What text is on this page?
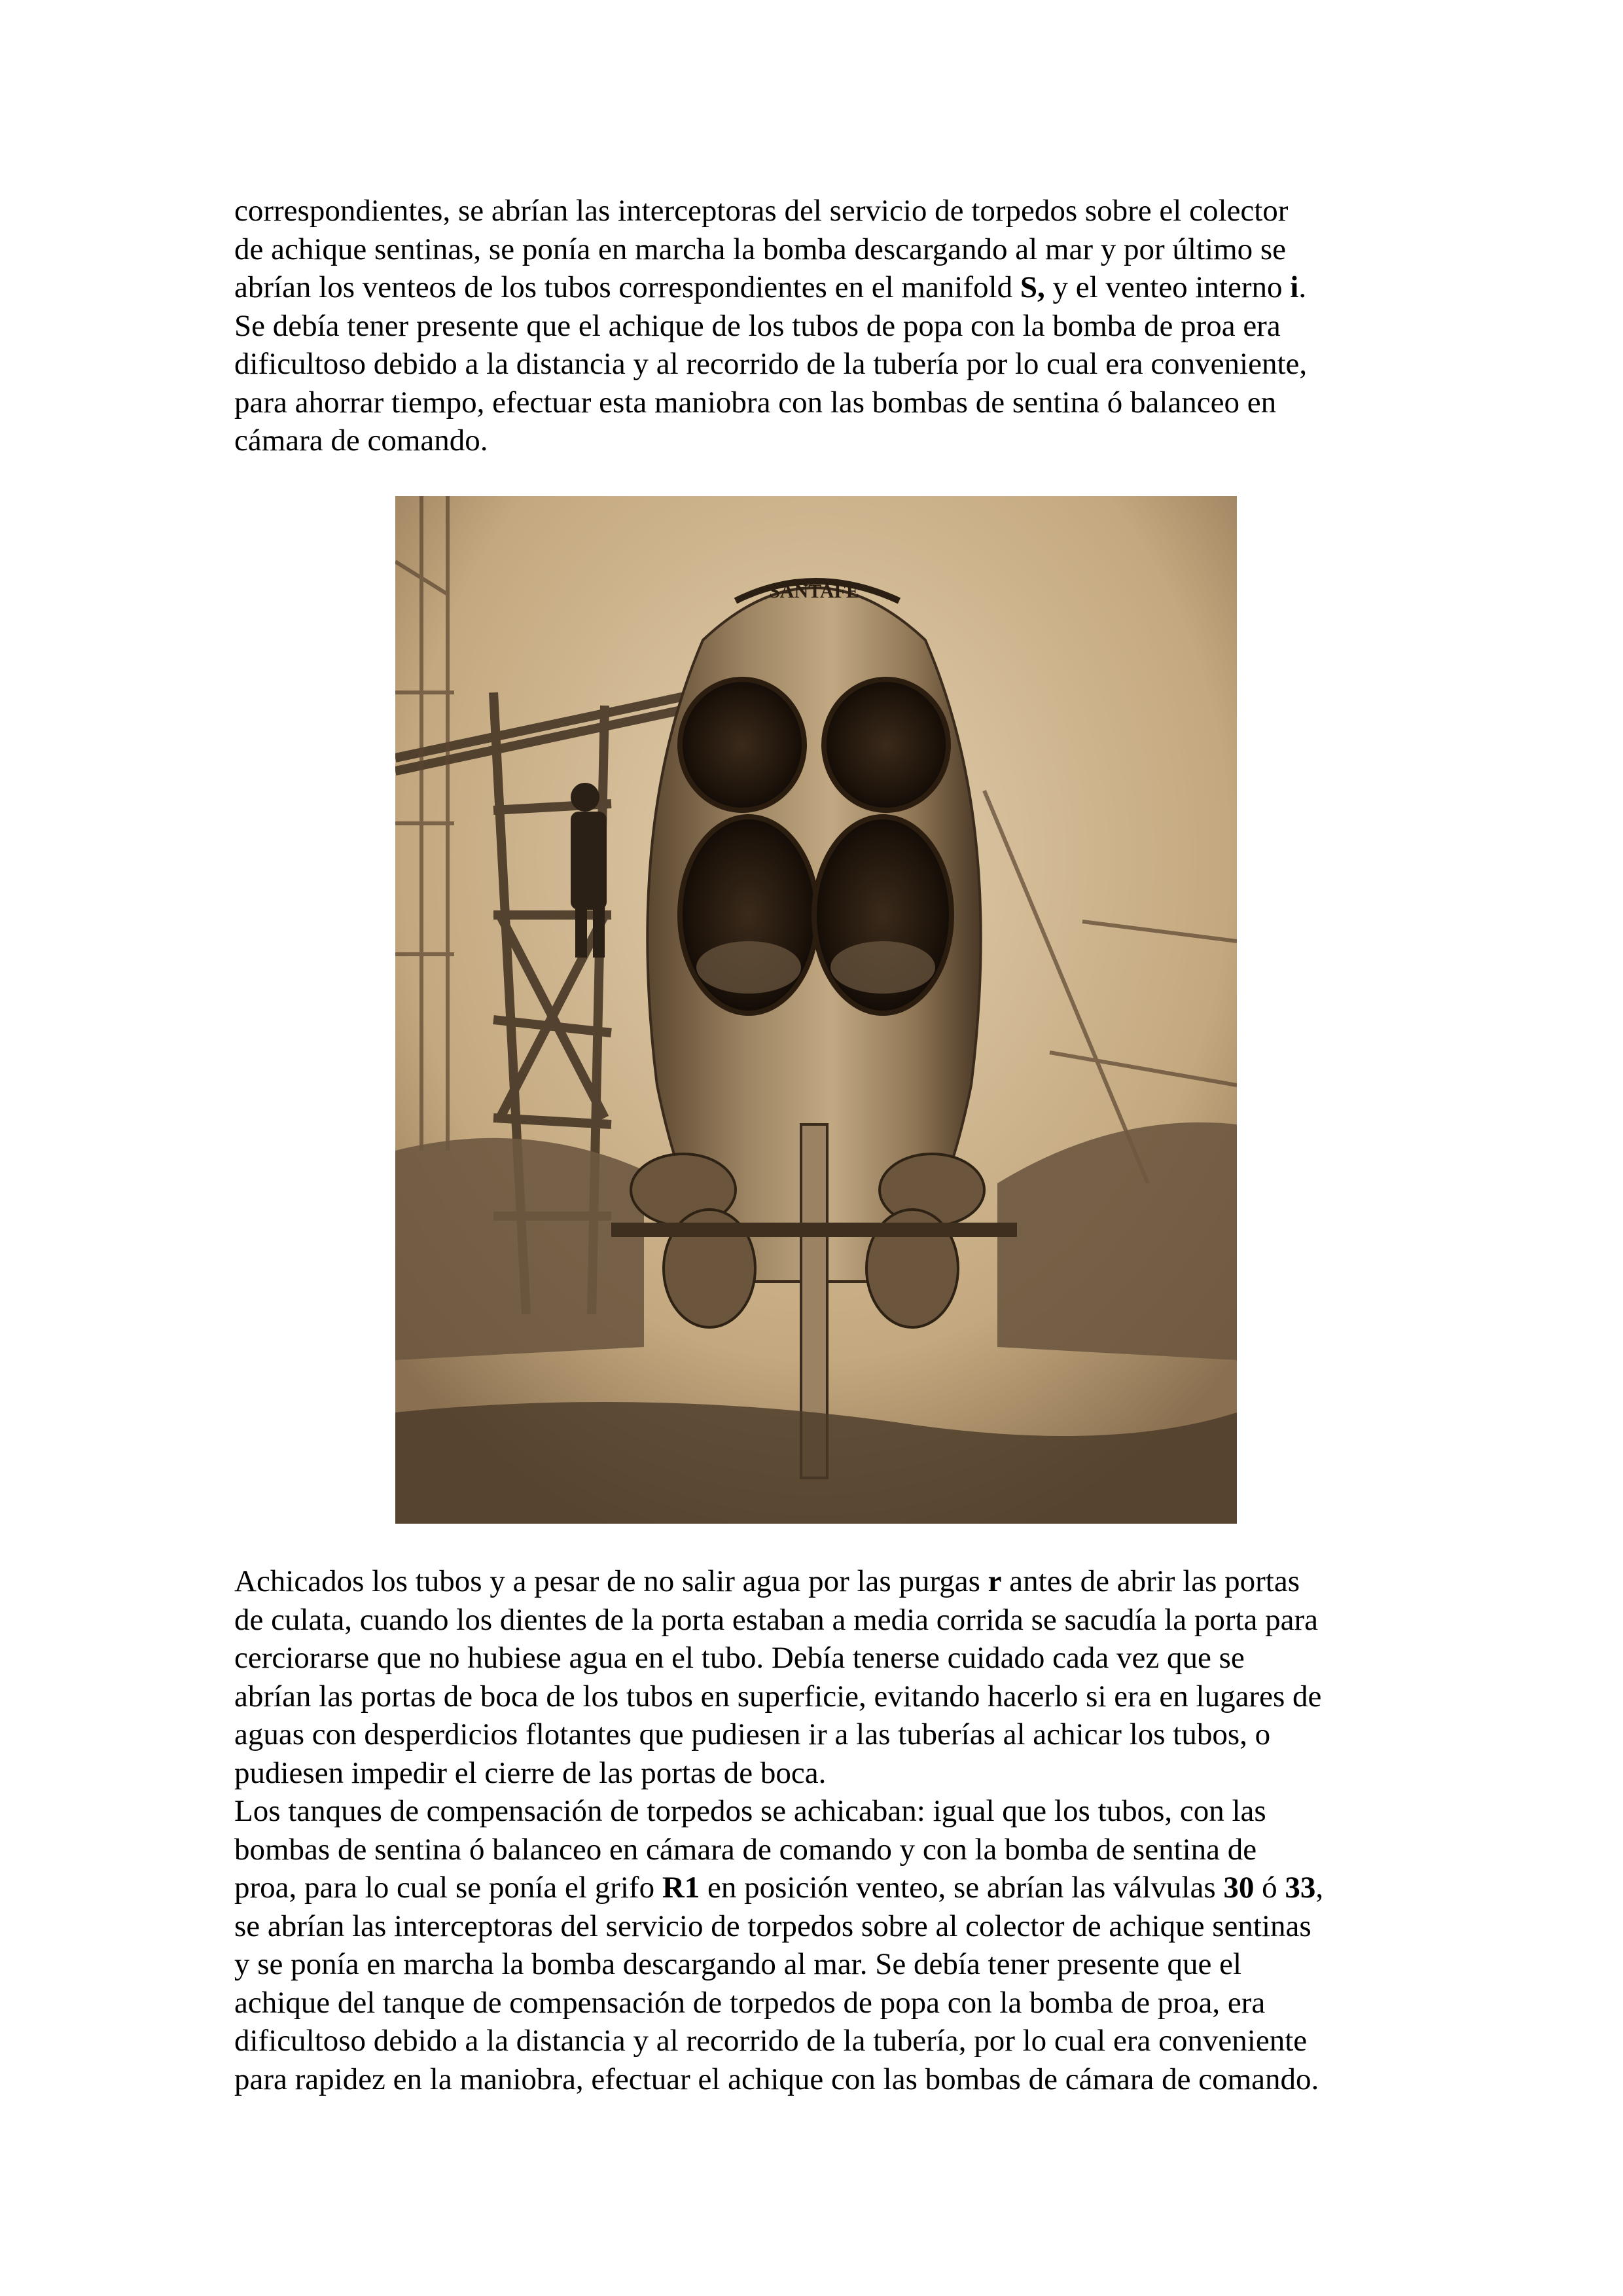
correspondientes, se abrían las interceptoras del servicio de torpedos sobre el colector

de achique sentinas, se ponía en marcha la bomba descargando al mar y por último se

abrían los venteos de los tubos correspondientes en el manifold S, y el venteo interno i.

Se debía tener presente que el achique de los tubos de popa con la bomba de proa era

dificultoso debido a la distancia y al recorrido de la tubería por lo cual era conveniente,

para ahorrar tiempo, efectuar esta maniobra con las bombas de sentina ó balanceo en

cámara de comando.

SANTAFE

Achicados los tubos y a pesar de no salir agua por las purgas r antes de abrir las portas

de culata, cuando los dientes de la porta estaban a media corrida se sacudía la porta para

cerciorarse que no hubiese agua en el tubo. Debía tenerse cuidado cada vez que se

abrían las portas de boca de los tubos en superficie, evitando hacerlo si era en lugares de

aguas con desperdicios flotantes que pudiesen ir a las tuberías al achicar los tubos, o

pudiesen impedir el cierre de las portas de boca.

Los tanques de compensación de torpedos se achicaban: igual que los tubos, con las

bombas de sentina ó balanceo en cámara de comando y con la bomba de sentina de

proa, para lo cual se ponía el grifo R1 en posición venteo, se abrían las válvulas 30 ó 33,

se abrían las interceptoras del servicio de torpedos sobre al colector de achique sentinas

y se ponía en marcha la bomba descargando al mar. Se debía tener presente que el

achique del tanque de compensación de torpedos de popa con la bomba de proa, era

dificultoso debido a la distancia y al recorrido de la tubería, por lo cual era conveniente

para rapidez en la maniobra, efectuar el achique con las bombas de cámara de comando.
